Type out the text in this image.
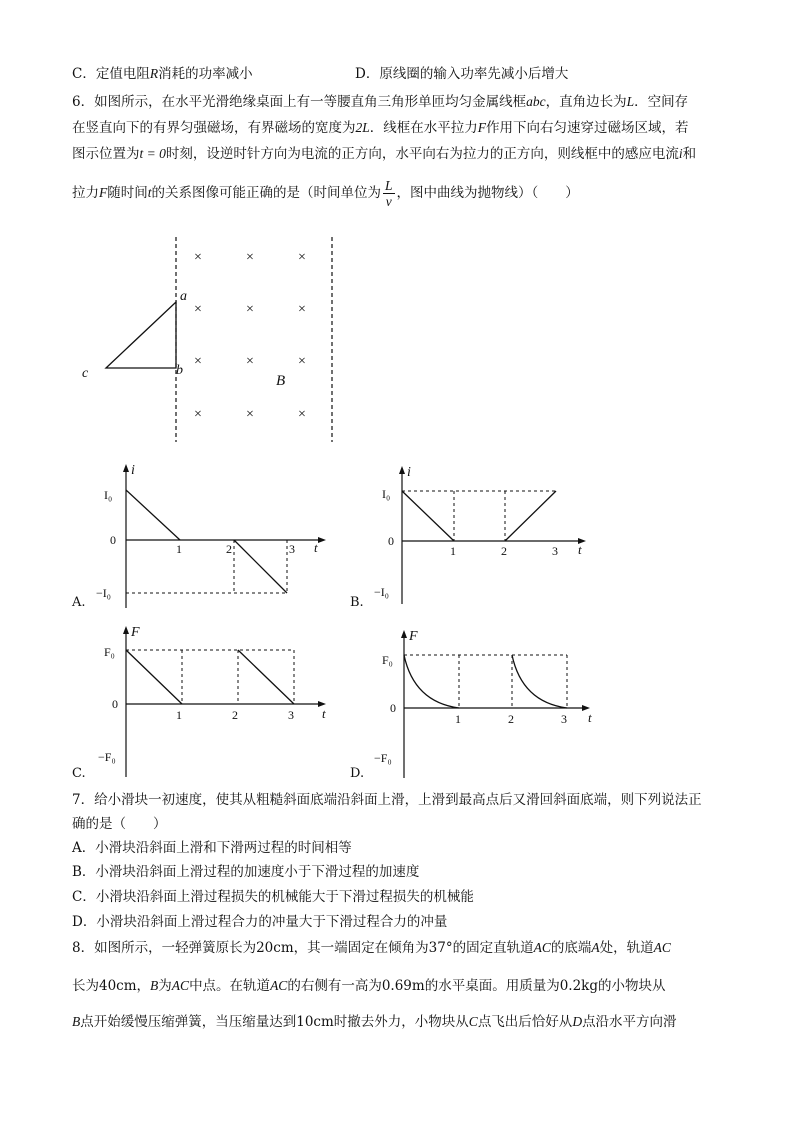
C．定值电阻R消耗的功率减小	D．原线圈的输入功率先减小后增大
6．如图所示，在水平光滑绝缘桌面上有一等腰直角三角形单匝均匀金属线框abc，直角边长为L．空间存
在竖直向下的有界匀强磁场，有界磁场的宽度为2L．线框在水平拉力F作用下向右匀速穿过磁场区域，若
图示位置为t = 0时刻，设逆时针方向为电流的正方向，水平向右为拉力的正方向，则线框中的感应电流i和
拉力F随时间t的关系图像可能正确的是（时间单位为 $\frac{L}{v}$ ，图中曲线为抛物线）（　　）
a
b
c	B
×	×	×
×	×	×
×	×	×
×	×	×
A.
i
I₀
0
−I₀
t
1	2	3
B.
i
I₀
0
−I₀
t
1	2	3
C.
F
F₀
0
−F₀
t
1	2	3
D.
F
F₀
0
−F₀
t
1	2	3
7．给小滑块一初速度，使其从粗糙斜面底端沿斜面上滑，上滑到最高点后又滑回斜面底端，则下列说法正
确的是（　　）
A．小滑块沿斜面上滑和下滑两过程的时间相等
B．小滑块沿斜面上滑过程的加速度小于下滑过程的加速度
C．小滑块沿斜面上滑过程损失的机械能大于下滑过程损失的机械能
D．小滑块沿斜面上滑过程合力的冲量大于下滑过程合力的冲量
8．如图所示，一轻弹簧原长为20cm，其一端固定在倾角为37°的固定直轨道AC的底端A处，轨道AC
长为40cm，B为AC中点。在轨道AC的右侧有一高为0.69m的水平桌面。用质量为0.2kg的小物块从
B点开始缓慢压缩弹簧，当压缩量达到10cm时撤去外力，小物块从C点飞出后恰好从D点沿水平方向滑
